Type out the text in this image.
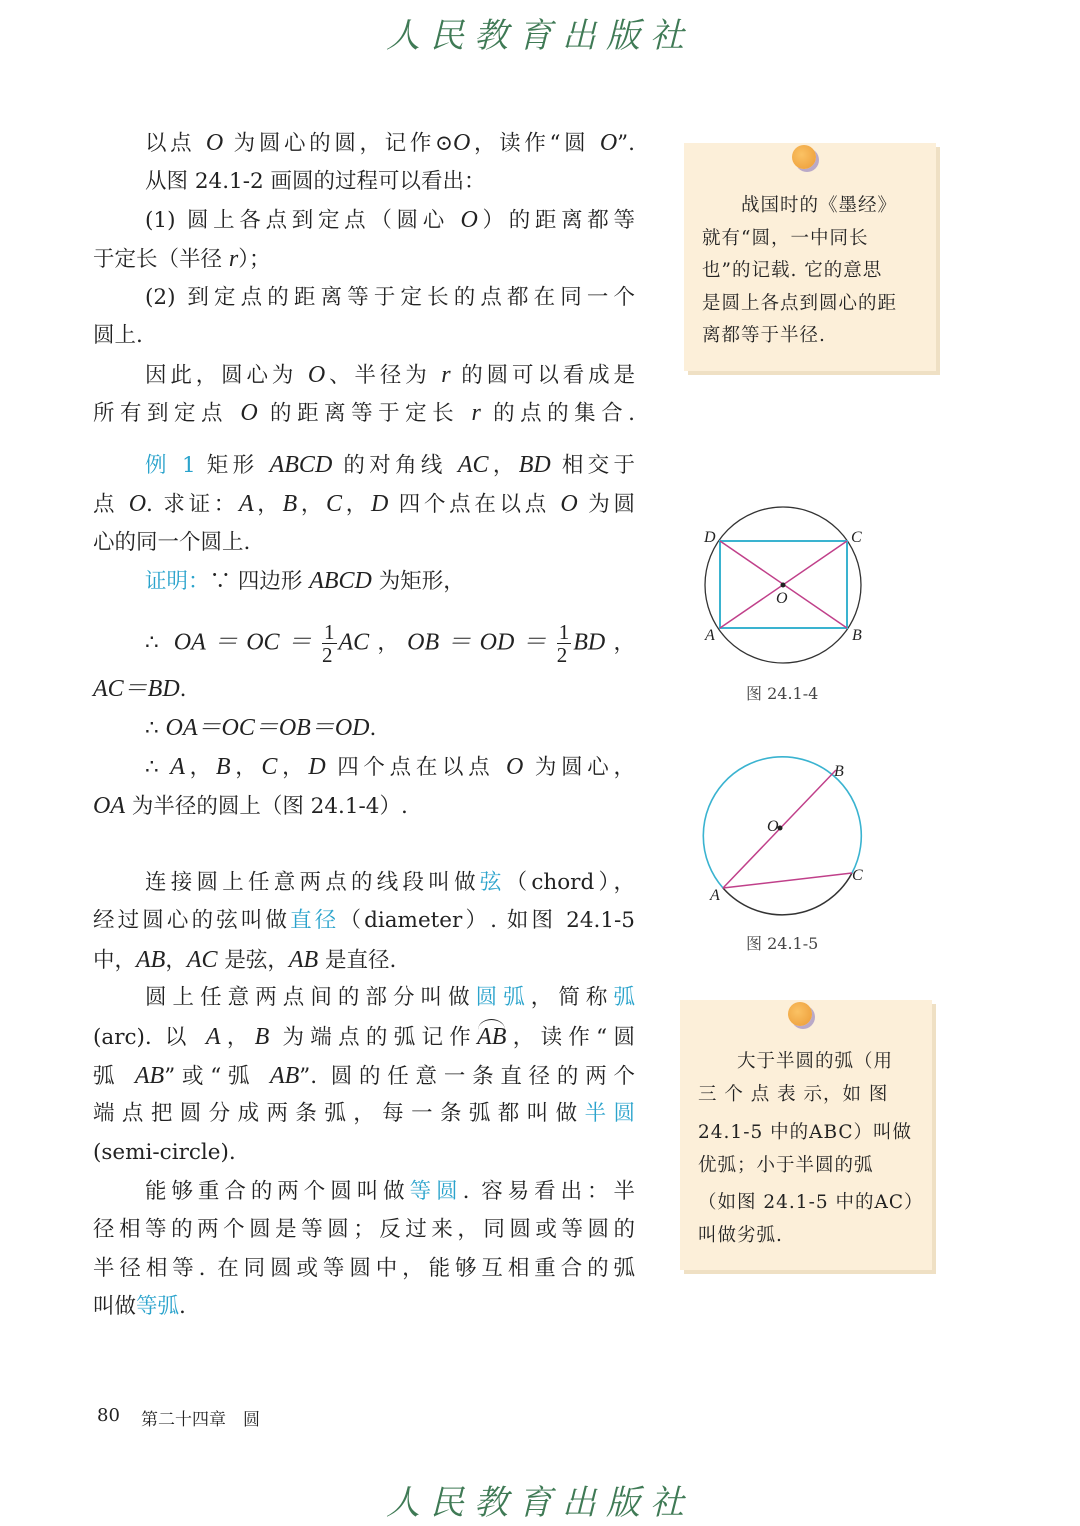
人民教育出版社
以点 O 为圆心的圆，记作⊙O，读作“圆 O”.
从图 24.1-2 画圆的过程可以看出：
(1) 圆上各点到定点（圆心 O）的距离都等
于定长（半径 r）；
(2) 到定点的距离等于定长的点都在同一个
圆上.
因此，圆心为 O、半径为 r 的圆可以看成是
所有到定点 O 的距离等于定长 r 的点的集合.
例 1 矩形 ABCD 的对角线 AC，BD 相交于
点 O. 求证：A，B，C，D 四个点在以点 O 为圆
心的同一个圆上.
证明：∵ 四边形 ABCD 为矩形，
∴ $OA=OC= \frac{1}{2}$ AC，$OB=OD= \frac{1}{2}$ BD，
AC＝BD.
∴ OA＝OC＝OB＝OD.
∴ A，B，C，D 四个点在以点 O 为圆心，
OA 为半径的圆上（图 24.1-4）.
连接圆上任意两点的线段叫做弦（chord），
经过圆心的弦叫做直径（diameter）. 如图 24.1-5
中，AB，AC 是弦，AB 是直径.
圆上任意两点间的部分叫做圆弧，简称弧
(arc). 以 A，B 为端点的弧记作AB，读作“圆
弧 AB”或“弧 AB”. 圆的任意一条直径的两个
端点把圆分成两条弧，每一条弧都叫做半圆
(semi-circle).
能够重合的两个圆叫做等圆. 容易看出：半
径相等的两个圆是等圆；反过来，同圆或等圆的
半径相等. 在同圆或等圆中，能够互相重合的弧
叫做等弧.
　　战国时的《墨经》
就有“圆，一中同长
也”的记载. 它的意思
是圆上各点到圆心的距
离都等于半径.
D	C
A	B
O
B
C
A
O
图 24.1-4
图 24.1-5
　　大于半圆的弧（用
三 个 点 表 示，如 图
24.1-5 中的ABC）叫做
优弧；小于半圆的弧
（如图 24.1-5 中的AC）
叫做劣弧.
80 第二十四章　圆
人民教育出版社
